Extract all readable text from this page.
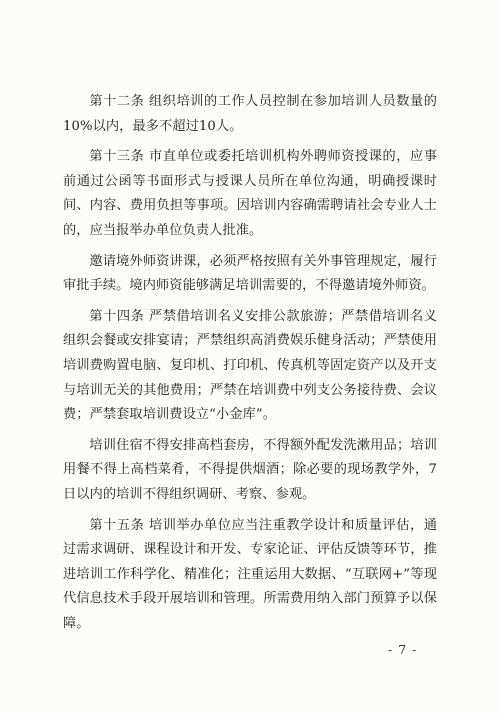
第十二条 组织培训的工作人员控制在参加培训人员数量的10%以内，最多不超过10人。

第十三条 市直单位或委托培训机构外聘师资授课的，应事前通过公函等书面形式与授课人员所在单位沟通，明确授课时间、内容、费用负担等事项。因培训内容确需聘请社会专业人士的，应当报举办单位负责人批准。

邀请境外师资讲课，必须严格按照有关外事管理规定，履行审批手续。境内师资能够满足培训需要的，不得邀请境外师资。

第十四条 严禁借培训名义安排公款旅游；严禁借培训名义组织会餐或安排宴请；严禁组织高消费娱乐健身活动；严禁使用培训费购置电脑、复印机、打印机、传真机等固定资产以及开支与培训无关的其他费用；严禁在培训费中列支公务接待费、会议费；严禁套取培训费设立“小金库”。

培训住宿不得安排高档套房，不得额外配发洗漱用品；培训用餐不得上高档菜肴，不得提供烟酒；除必要的现场教学外，7日以内的培训不得组织调研、考察、参观。

第十五条 培训举办单位应当注重教学设计和质量评估，通过需求调研、课程设计和开发、专家论证、评估反馈等环节，推进培训工作科学化、精准化；注重运用大数据、“互联网+”等现代信息技术手段开展培训和管理。所需费用纳入部门预算予以保障。

- 7 -
